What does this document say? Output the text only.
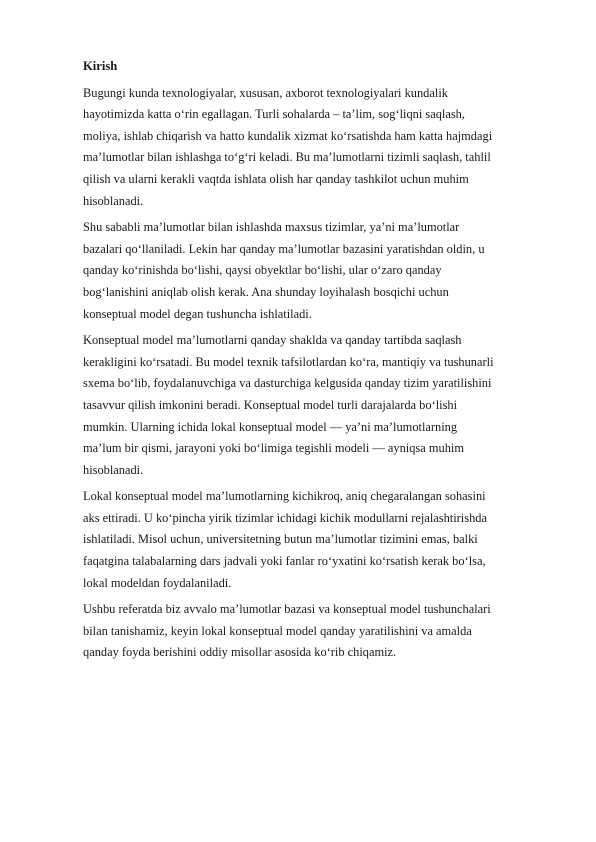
Kirish
Bugungi kunda texnologiyalar, xususan, axborot texnologiyalari kundalik
hayotimizda katta o‘rin egallagan. Turli sohalarda – ta’lim, sog‘liqni saqlash,
moliya, ishlab chiqarish va hatto kundalik xizmat ko‘rsatishda ham katta hajmdagi
ma’lumotlar bilan ishlashga to‘g‘ri keladi. Bu ma’lumotlarni tizimli saqlash, tahlil
qilish va ularni kerakli vaqtda ishlata olish har qanday tashkilot uchun muhim
hisoblanadi.
Shu sababli ma’lumotlar bilan ishlashda maxsus tizimlar, ya’ni ma’lumotlar
bazalari qo‘llaniladi. Lekin har qanday ma’lumotlar bazasini yaratishdan oldin, u
qanday ko‘rinishda bo‘lishi, qaysi obyektlar bo‘lishi, ular o‘zaro qanday
bog‘lanishini aniqlab olish kerak. Ana shunday loyihalash bosqichi uchun
konseptual model degan tushuncha ishlatiladi.
Konseptual model ma’lumotlarni qanday shaklda va qanday tartibda saqlash
kerakligini ko‘rsatadi. Bu model texnik tafsilotlardan ko‘ra, mantiqiy va tushunarli
sxema bo‘lib, foydalanuvchiga va dasturchiga kelgusida qanday tizim yaratilishini
tasavvur qilish imkonini beradi. Konseptual model turli darajalarda bo‘lishi
mumkin. Ularning ichida lokal konseptual model — ya’ni ma’lumotlarning
ma’lum bir qismi, jarayoni yoki bo‘limiga tegishli modeli — ayniqsa muhim
hisoblanadi.
Lokal konseptual model ma’lumotlarning kichikroq, aniq chegaralangan sohasini
aks ettiradi. U ko‘pincha yirik tizimlar ichidagi kichik modullarni rejalashtirishda
ishlatiladi. Misol uchun, universitetning butun ma’lumotlar tizimini emas, balki
faqatgina talabalarning dars jadvali yoki fanlar ro‘yxatini ko‘rsatish kerak bo‘lsa,
lokal modeldan foydalaniladi.
Ushbu referatda biz avvalo ma’lumotlar bazasi va konseptual model tushunchalari
bilan tanishamiz, keyin lokal konseptual model qanday yaratilishini va amalda
qanday foyda berishini oddiy misollar asosida ko‘rib chiqamiz.
